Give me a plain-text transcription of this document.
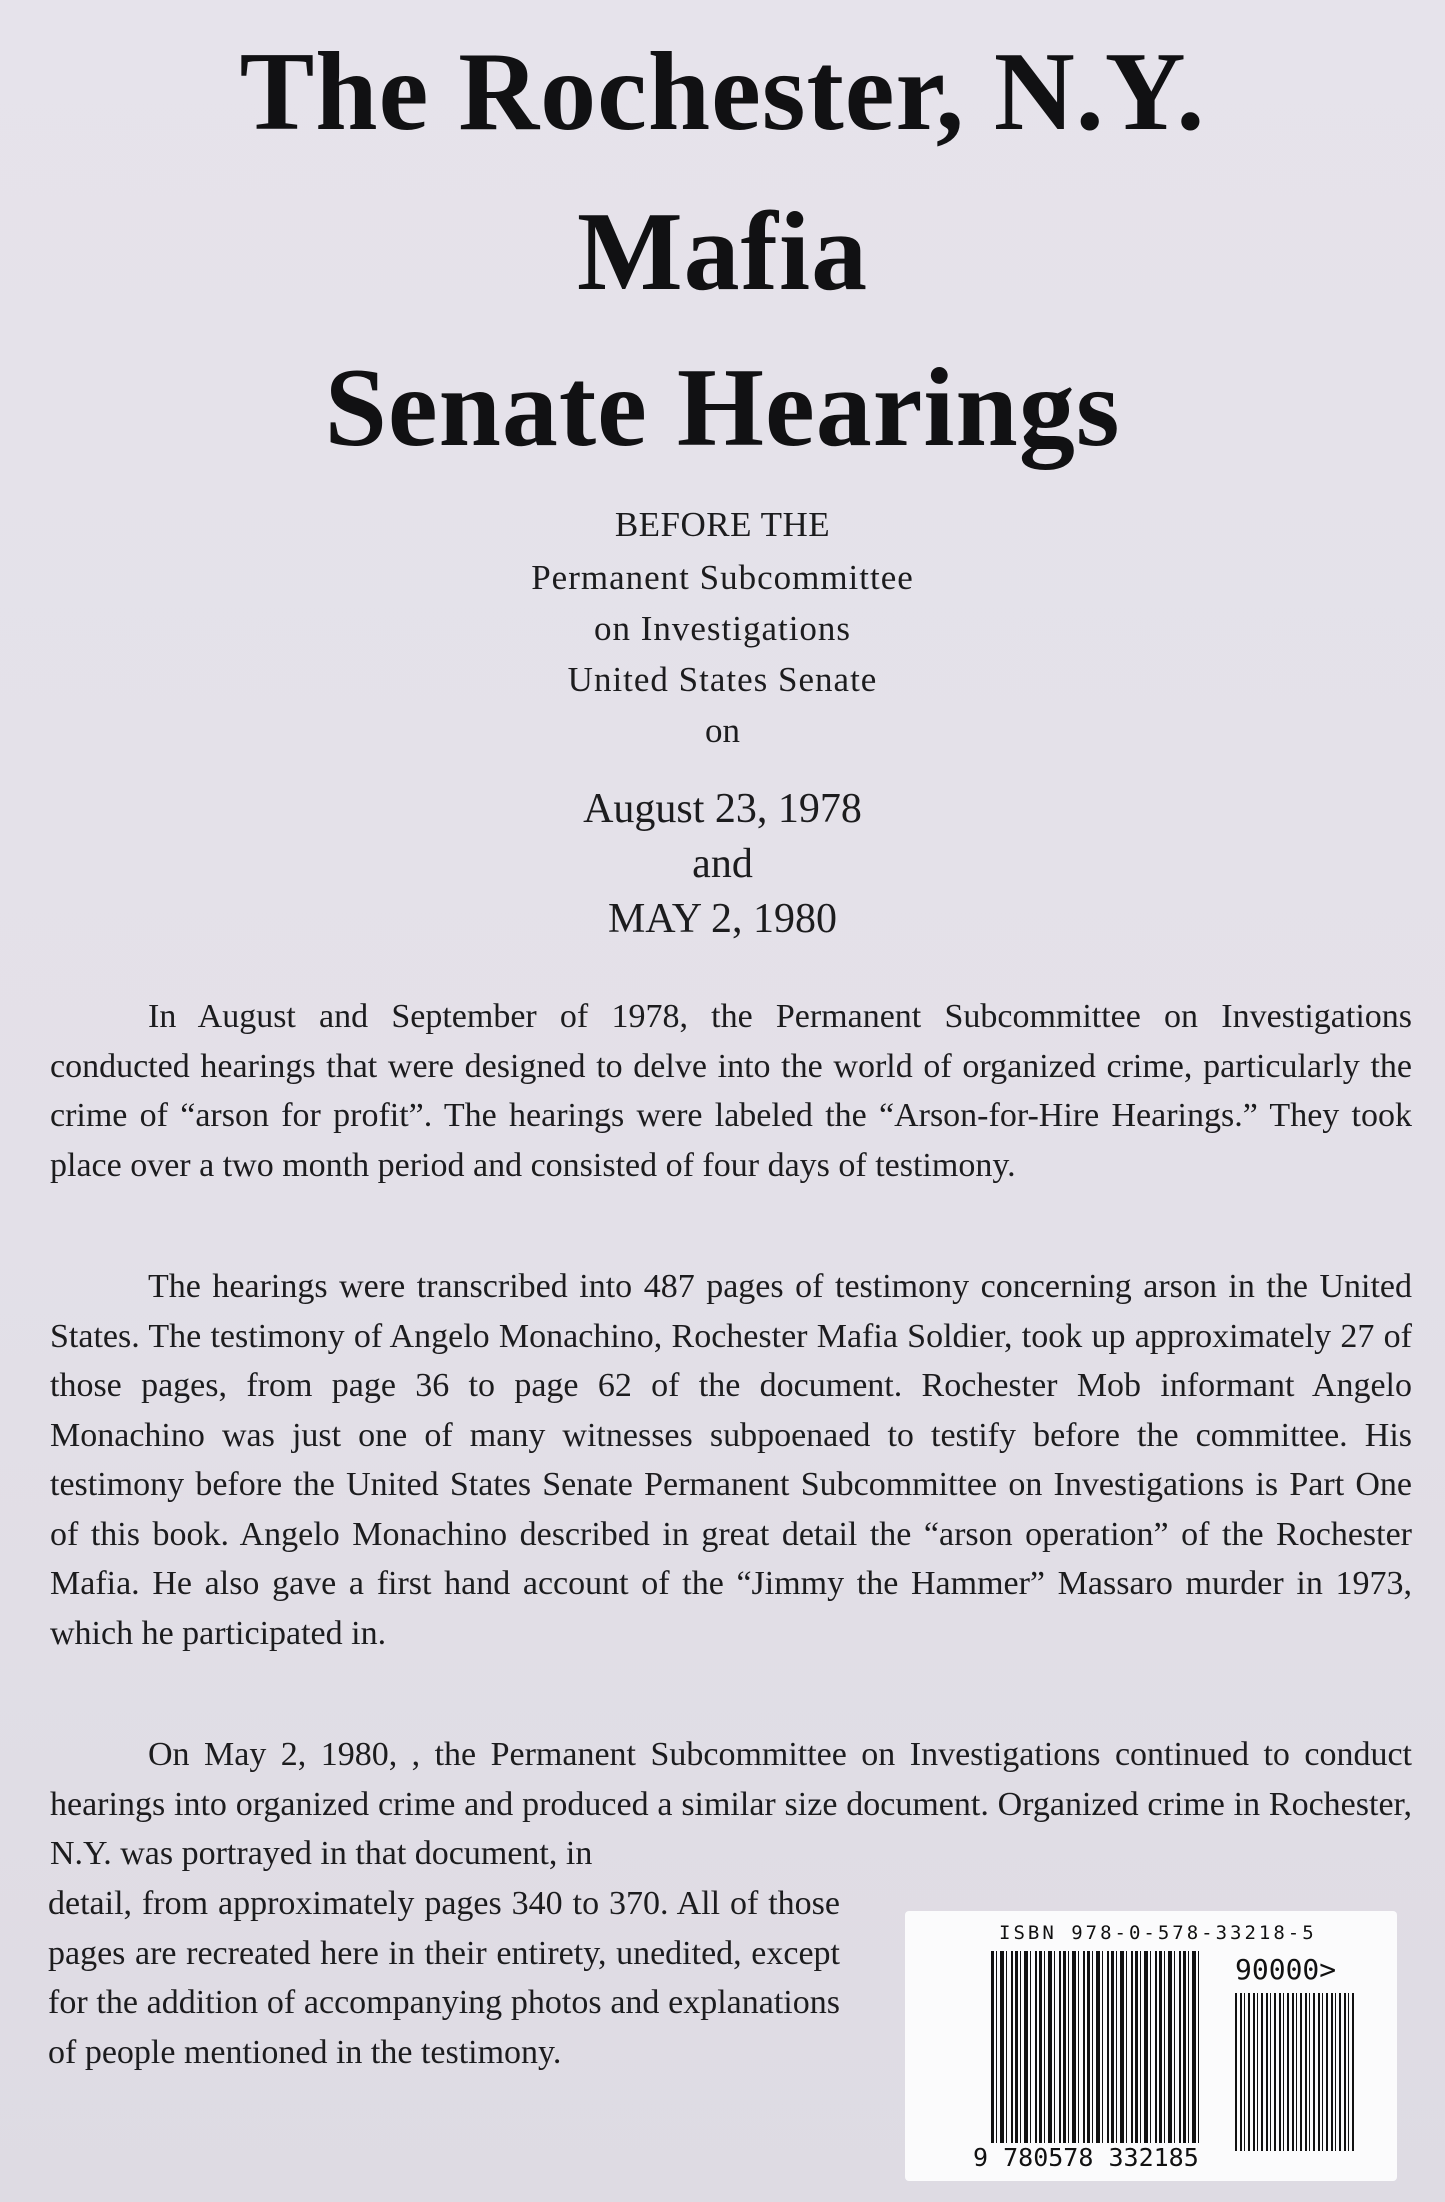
The Rochester, N.Y.
Mafia
Senate Hearings
BEFORE THE
Permanent Subcommittee
on Investigations
United States Senate
on
August 23, 1978
and
MAY 2, 1980
In August and September of 1978, the Permanent Subcommittee on Investigations conducted hearings that were designed to delve into the world of organized crime, particularly the crime of “arson for profit”. The hearings were labeled the “Arson-for-Hire Hearings.” They took place over a two month period and consisted of four days of testimony.
The hearings were transcribed into 487 pages of testimony concerning arson in the United States. The testimony of Angelo Monachino, Rochester Mafia Soldier, took up approximately 27 of those pages, from page 36 to page 62 of the document. Rochester Mob informant Angelo Monachino was just one of many witnesses subpoenaed to testify before the committee. His testimony before the United States Senate Permanent Subcommittee on Investigations is Part One of this book. Angelo Monachino described in great detail the “arson operation” of the Rochester Mafia. He also gave a first hand account of the “Jimmy the Hammer” Massaro murder in 1973, which he participated in.
On May 2, 1980, , the Permanent Subcommittee on Investigations continued to conduct hearings into organized crime and produced a similar size document. Organized crime in Rochester, N.Y. was portrayed in that document, in
detail, from approximately pages 340 to 370. All of those pages are recreated here in their entirety, unedited, except for the addition of accompanying photos and explanations of people mentioned in the testimony.
ISBN 978-0-578-33218-5
90000>
9 780578 332185
